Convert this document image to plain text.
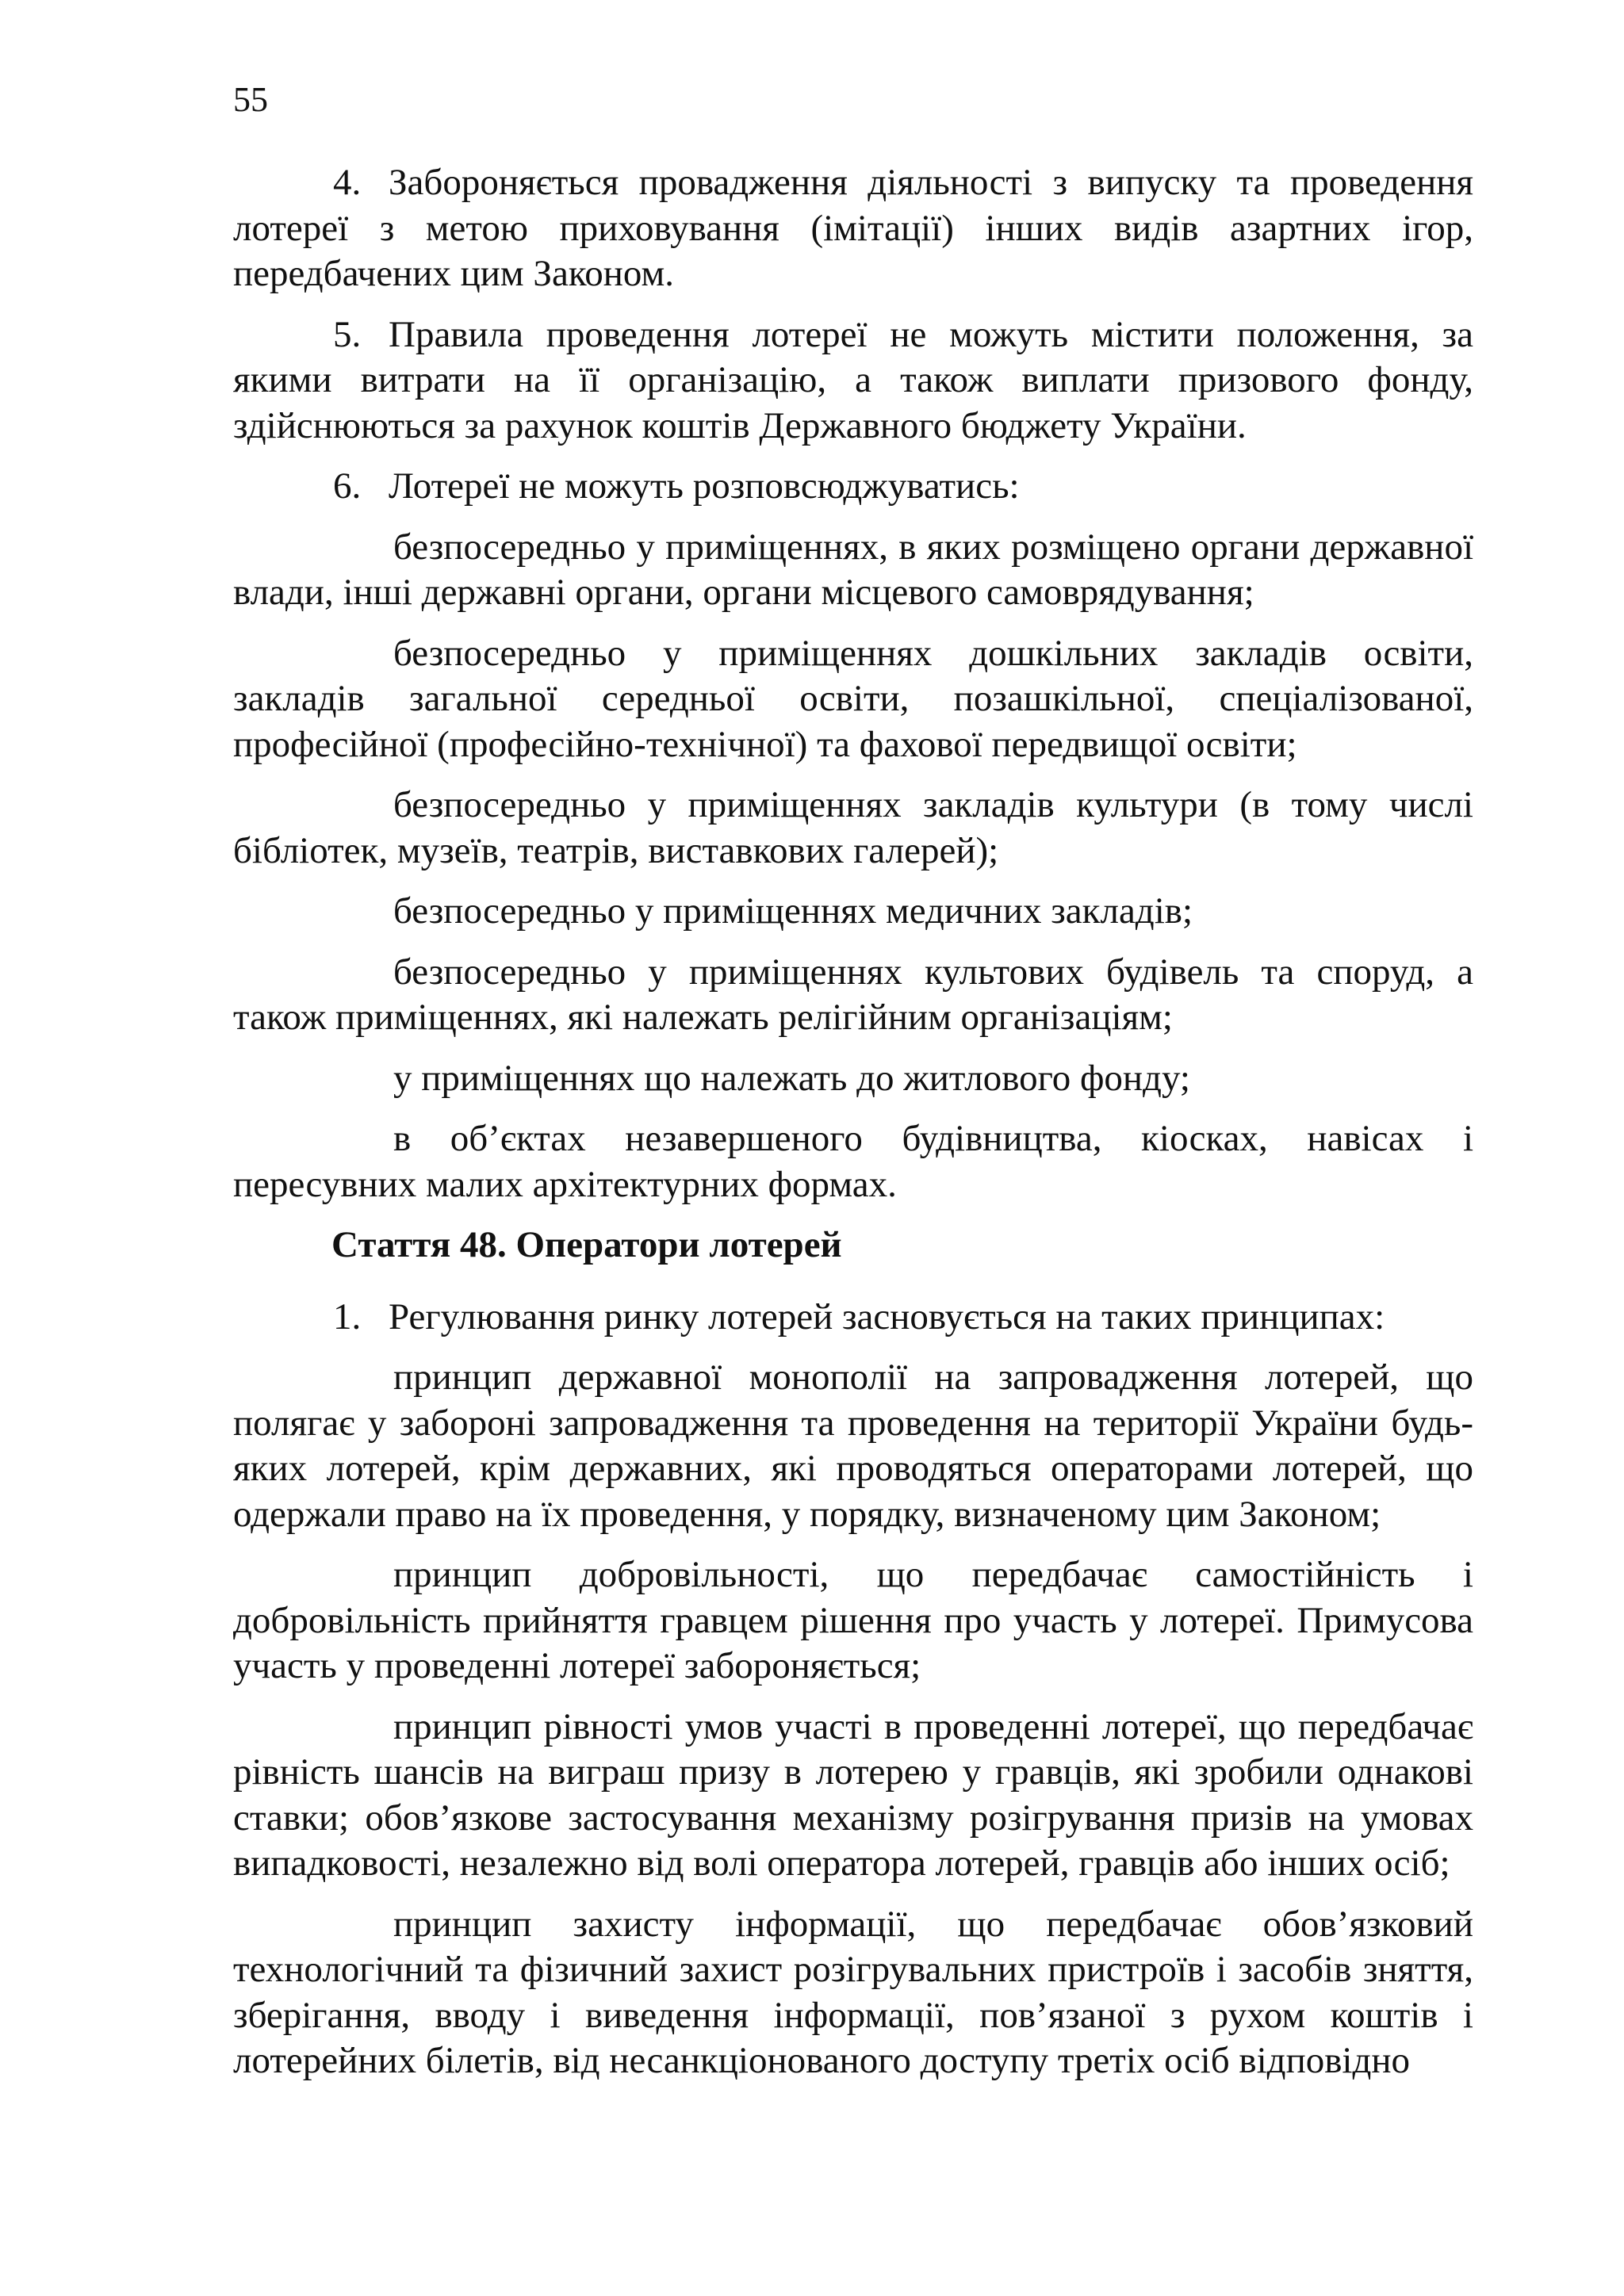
55

4. Забороняється провадження діяльності з випуску та проведення лотереї з метою приховування (імітації) інших видів азартних ігор, передбачених цим Законом.

5. Правила проведення лотереї не можуть містити положення, за якими витрати на її організацію, а також виплати призового фонду, здійснюються за рахунок коштів Державного бюджету України.

6. Лотереї не можуть розповсюджуватись:

безпосередньо у приміщеннях, в яких розміщено органи державної влади, інші державні органи, органи місцевого самоврядування;

безпосередньо у приміщеннях дошкільних закладів освіти, закладів загальної середньої освіти, позашкільної, спеціалізованої, професійної (професійно-технічної) та фахової передвищої освіти;

безпосередньо у приміщеннях закладів культури (в тому числі бібліотек, музеїв, театрів, виставкових галерей);

безпосередньо у приміщеннях медичних закладів;

безпосередньо у приміщеннях культових будівель та споруд, а також приміщеннях, які належать релігійним організаціям;

у приміщеннях що належать до житлового фонду;

в об’єктах незавершеного будівництва, кіосках, навісах і пересувних малих архітектурних формах.

Стаття 48. Оператори лотерей

1. Регулювання ринку лотерей засновується на таких принципах:

принцип державної монополії на запровадження лотерей, що полягає у забороні запровадження та проведення на території України будь-яких лотерей, крім державних, які проводяться операторами лотерей, що одержали право на їх проведення, у порядку, визначеному цим Законом;

принцип добровільності, що передбачає самостійність і добровільність прийняття гравцем рішення про участь у лотереї. Примусова участь у проведенні лотереї забороняється;

принцип рівності умов участі в проведенні лотереї, що передбачає рівність шансів на виграш призу в лотерею у гравців, які зробили однакові ставки; обов’язкове застосування механізму розігрування призів на умовах випадковості, незалежно від волі оператора лотерей, гравців або інших осіб;

принцип захисту інформації, що передбачає обов’язковий технологічний та фізичний захист розігрувальних пристроїв і засобів зняття, зберігання, вводу і виведення інформації, пов’язаної з рухом коштів і лотерейних білетів, від несанкціонованого доступу третіх осіб відповідно
